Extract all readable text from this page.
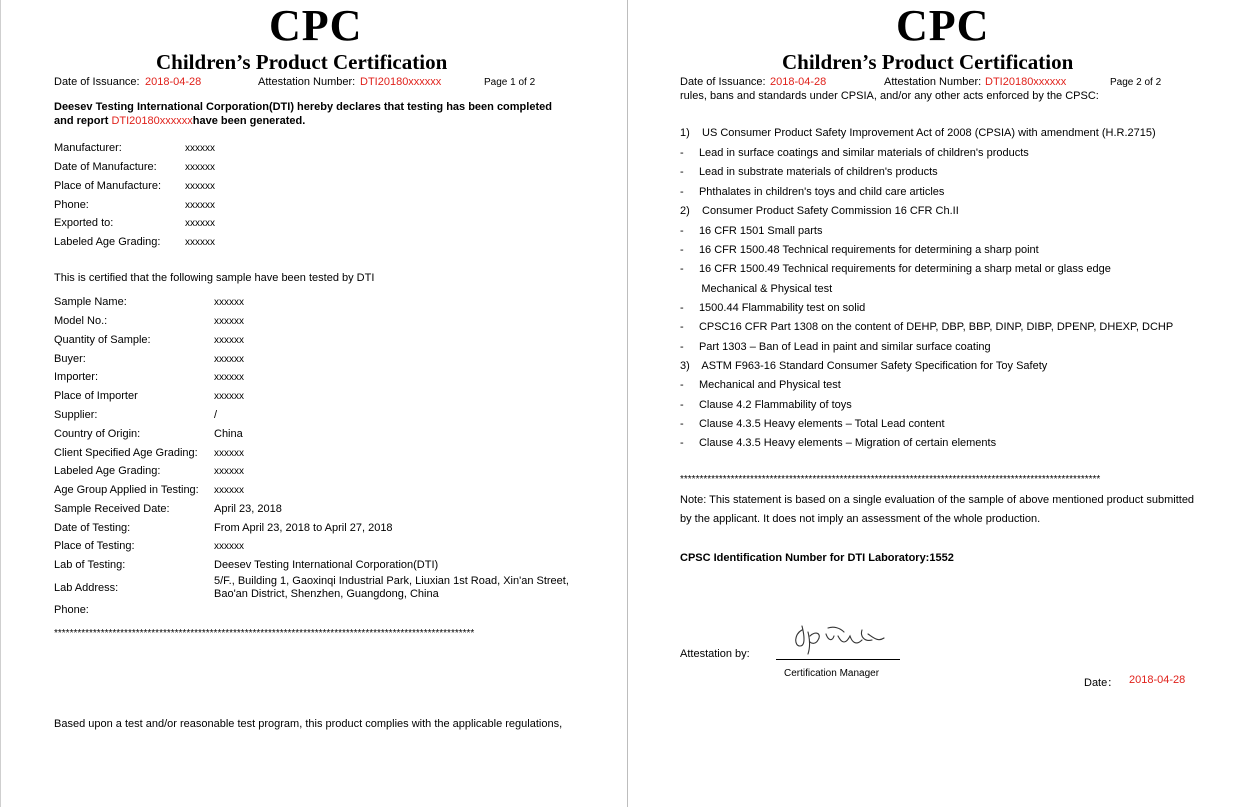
CPC
Children’s Product Certification
Date of Issuance: 2018-04-28	Attestation Number: DTI20180xxxxxx	Page 1 of 2
Deesev Testing International Corporation(DTI) hereby declares that testing has been completed
and report DTI20180xxxxxxhave been generated.
Manufacturer:	xxxxxx
Date of Manufacture:	xxxxxx
Place of Manufacture: xxxxxx
Phone:	xxxxxx
Exported to:	xxxxxx
Labeled Age Grading: xxxxxx
This is certified that the following sample have been tested by DTI
Sample Name:	xxxxxx
Model No.:	xxxxxx
Quantity of Sample:	xxxxxx
Buyer:	xxxxxx
Importer:	xxxxxx
Place of Importer	xxxxxx
Supplier:	/
Country of Origin:	China
Client Specified Age Grading: xxxxxx
Labeled Age Grading:	xxxxxx
Age Group Applied in Testing: xxxxxx
Sample Received Date:	April 23, 2018
Date of Testing:	From April 23, 2018 to April 27, 2018
Place of Testing:	xxxxxx
Lab of Testing:	Deesev Testing International Corporation(DTI)
Lab Address:
5/F., Building 1, Gaoxinqi Industrial Park, Liuxian 1st Road, Xin'an Street,
Bao'an District, Shenzhen, Guangdong, China
Phone:
************************************************************************************************************
Based upon a test and/or reasonable test program, this product complies with the applicable regulations,
CPC
Children’s Product Certification
Date of Issuance: 2018-04-28	Attestation Number: DTI20180xxxxxx	Page 2 of 2
rules, bans and standards under CPSIA, and/or any other acts enforced by the CPSC:
1)    US Consumer Product Safety Improvement Act of 2008 (CPSIA) with amendment (H.R.2715)
-     Lead in surface coatings and similar materials of children's products
-     Lead in substrate materials of children's products
-     Phthalates in children's toys and child care articles
2)    Consumer Product Safety Commission 16 CFR Ch.II
-     16 CFR 1501 Small parts
-     16 CFR 1500.48 Technical requirements for determining a sharp point
-     16 CFR 1500.49 Technical requirements for determining a sharp metal or glass edge
Mechanical & Physical test
-     1500.44 Flammability test on solid
-     CPSC16 CFR Part 1308 on the content of DEHP, DBP, BBP, DINP, DIBP, DPENP, DHEXP, DCHP
-     Part 1303 – Ban of Lead in paint and similar surface coating
3)    ASTM F963-16 Standard Consumer Safety Specification for Toy Safety
-     Mechanical and Physical test
-     Clause 4.2 Flammability of toys
-     Clause 4.3.5 Heavy elements – Total Lead content
-     Clause 4.3.5 Heavy elements – Migration of certain elements
************************************************************************************************************
Note: This statement is based on a single evaluation of the sample of above mentioned product submitted
by the applicant. It does not imply an assessment of the whole production.
CPSC Identification Number for DTI Laboratory:1552
Attestation by:
Certification Manager
Date： 2018-04-28
